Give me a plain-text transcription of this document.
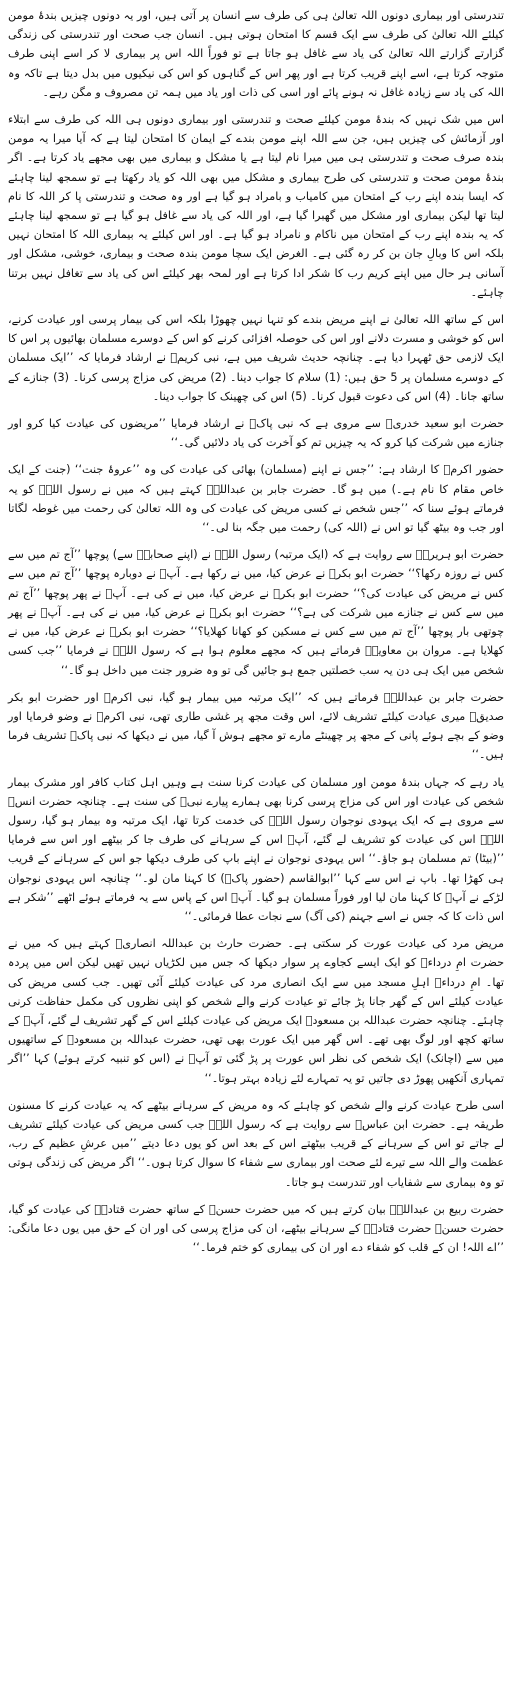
تندرستی اور بیماری دونوں اللہ تعالیٰ ہی کی طرف سے انسان پر آتی ہیں، اور یہ دونوں چیزیں بندۂ مومن کیلئے اللہ تعالیٰ کی طرف سے ایک قسم کا امتحان ہوتی ہیں۔ انسان جب صحت اور تندرستی کی زندگی گزارتے گزارتے اللہ تعالیٰ کی یاد سے غافل ہو جاتا ہے تو فوراً اللہ اس پر بیماری لا کر اسے اپنی طرف متوجہ کرتا ہے، اسے اپنے قریب کرتا ہے اور پھر اس کے گناہوں کو اس کی نیکیوں میں بدل دیتا ہے تاکہ وہ اللہ کی یاد سے زیادہ غافل نہ ہونے پائے اور اسی کی ذات اور یاد میں ہمہ تن مصروف و مگن رہے۔

اس میں شک نہیں کہ بندۂ مومن کیلئے صحت و تندرستی اور بیماری دونوں ہی اللہ کی طرف سے ابتلاء اور آزمائش کی چیزیں ہیں، جن سے اللہ اپنے مومن بندے کے ایمان کا امتحان لیتا ہے کہ آیا میرا یہ مومن بندہ صرف صحت و تندرستی ہی میں میرا نام لیتا ہے یا مشکل و بیماری میں بھی مجھے یاد کرتا ہے۔ اگر بندۂ مومن صحت و تندرستی کی طرح بیماری و مشکل میں بھی اللہ کو یاد رکھتا ہے تو سمجھ لینا چاہئے کہ ایسا بندہ اپنے رب کے امتحان میں کامیاب و بامراد ہو گیا ہے اور وہ صحت و تندرستی پا کر اللہ کا نام لیتا تھا لیکن بیماری اور مشکل میں گھبرا گیا ہے، اور اللہ کی یاد سے غافل ہو گیا ہے تو سمجھ لینا چاہئے کہ یہ بندہ اپنے رب کے امتحان میں ناکام و نامراد ہو گیا ہے۔ اور اس کیلئے یہ بیماری اللہ کا امتحان نہیں بلکہ اس کا وبالِ جان بن کر رہ گئی ہے۔ الغرض ایک سچا مومن بندہ صحت و بیماری، خوشی، مشکل اور آسانی ہر حال میں اپنے کریم رب کا شکر ادا کرتا ہے اور لمحہ بھر کیلئے اس کی یاد سے تغافل نہیں برتنا چاہئے۔

اس کے ساتھ اللہ تعالیٰ نے اپنے مریض بندے کو تنہا نہیں چھوڑا بلکہ اس کی بیمار پرسی اور عیادت کرنے، اس کو خوشی و مسرت دلانے اور اس کی حوصلہ افزائی کرنے کو اس کے دوسرے مسلمان بھائیوں پر اس کا ایک لازمی حق ٹھہرا دیا ہے۔ چنانچہ حدیث شریف میں ہے، نبی کریمؐ نے ارشاد فرمایا کہ ’’ایک مسلمان کے دوسرے مسلمان پر 5 حق ہیں: (1) سلام کا جواب دینا۔ (2) مریض کی مزاج پرسی کرنا۔ (3) جنازے کے ساتھ جانا۔ (4) اس کی دعوت قبول کرنا۔ (5) اس کی چھینک کا جواب دینا۔

حضرت ابو سعید خدریؓ سے مروی ہے کہ نبی پاکؐ نے ارشاد فرمایا ’’مریضوں کی عیادت کیا کرو اور جنازے میں شرکت کیا کرو کہ یہ چیزیں تم کو آخرت کی یاد دلائیں گی۔‘‘

حضور اکرمؐ کا ارشاد ہے: ’’جس نے اپنے (مسلمان) بھائی کی عیادت کی وہ ’’عروۂ جنت‘‘ (جنت کے ایک خاص مقام کا نام ہے۔) میں ہو گا۔ حضرت جابر بن عبداللہؓ کہتے ہیں کہ میں نے رسول اللہؐ کو یہ فرماتے ہوئے سنا کہ ’’جس شخص نے کسی مریض کی عیادت کی وہ اللہ تعالیٰ کی رحمت میں غوطہ لگاتا اور جب وہ بیٹھ گیا تو اس نے (اللہ کی) رحمت میں جگہ بنا لی۔‘‘

حضرت ابو ہریرہؓ سے روایت ہے کہ (ایک مرتبہ) رسول اللہؐ نے (اپنے صحابہؓ سے) پوچھا ’’آج تم میں سے کس نے روزہ رکھا؟‘‘ حضرت ابو بکرؓ نے عرض کیا، میں نے رکھا ہے۔ آپؐ نے دوبارہ پوچھا ’’آج تم میں سے کس نے مریض کی عیادت کی؟‘‘ حضرت ابو بکرؓ نے عرض کیا، میں نے کی ہے۔ آپؐ نے پھر پوچھا ’’آج تم میں سے کس نے جنازے میں شرکت کی ہے؟‘‘ حضرت ابو بکرؓ نے عرض کیا، میں نے کی ہے۔ آپؐ نے پھر چوتھی بار پوچھا ’’آج تم میں سے کس نے مسکین کو کھانا کھلایا؟‘‘ حضرت ابو بکرؓ نے عرض کیا، میں نے کھلایا ہے۔ مروان بن معاویہؒ فرماتے ہیں کہ مجھے معلوم ہوا ہے کہ رسول اللہؐ نے فرمایا ’’جب کسی شخص میں ایک ہی دن یہ سب خصلتیں جمع ہو جائیں گی تو وہ ضرور جنت میں داخل ہو گا۔‘‘

حضرت جابر بن عبداللہؓ فرماتے ہیں کہ ’’ایک مرتبہ میں بیمار ہو گیا، نبی اکرمؐ اور حضرت ابو بکر صدیقؓ میری عیادت کیلئے تشریف لائے، اس وقت مجھ پر غشی طاری تھی، نبی اکرمؐ نے وضو فرمایا اور وضو کے بچے ہوئے پانی کے مجھ پر چھینٹے مارے تو مجھے ہوش آ گیا، میں نے دیکھا کہ نبی پاکؐ تشریف فرما ہیں۔‘‘

یاد رہے کہ جہاں بندۂ مومن اور مسلمان کی عیادت کرنا سنت ہے وہیں اہل کتاب کافر اور مشرک بیمار شخص کی عیادت اور اس کی مزاج پرسی کرنا بھی ہمارے پیارے نبیؐ کی سنت ہے۔ چنانچہ حضرت انسؓ سے مروی ہے کہ ایک یہودی نوجوان رسول اللہؐ کی خدمت کرتا تھا، ایک مرتبہ وہ بیمار ہو گیا، رسول اللہؐ اس کی عیادت کو تشریف لے گئے، آپؐ اس کے سرہانے کی طرف جا کر بیٹھے اور اس سے فرمایا ’’(بیٹا) تم مسلمان ہو جاؤ۔‘‘ اس یہودی نوجوان نے اپنے باپ کی طرف دیکھا جو اس کے سرہانے کے قریب ہی کھڑا تھا۔ باپ نے اس سے کہا ’’ابوالقاسم (حضور پاکؐ) کا کہنا مان لو۔‘‘ چنانچہ اس یہودی نوجوان لڑکے نے آپؐ کا کہنا مان لیا اور فوراً مسلمان ہو گیا۔ آپؐ اس کے پاس سے یہ فرماتے ہوئے اٹھے ’’شکر ہے اس ذات کا کہ جس نے اسے جہنم (کی آگ) سے نجات عطا فرمائی۔‘‘

مریض مرد کی عیادت عورت کر سکتی ہے۔ حضرت حارث بن عبداللہ انصاریؓ کہتے ہیں کہ میں نے حضرت امِ درداءؓ کو ایک ایسے کجاوے پر سوار دیکھا کہ جس میں لکڑیاں نہیں تھیں لیکن اس میں پردہ تھا۔ امِ درداءؓ اہلِ مسجد میں سے ایک انصاری مرد کی عیادت کیلئے آئی تھیں۔ جب کسی مریض کی عیادت کیلئے اس کے گھر جانا پڑ جائے تو عیادت کرنے والے شخص کو اپنی نظروں کی مکمل حفاظت کرنی چاہئے۔ چنانچہ حضرت عبداللہ بن مسعودؓ ایک مریض کی عیادت کیلئے اس کے گھر تشریف لے گئے، آپؐ کے ساتھ کچھ اور لوگ بھی تھے۔ اس گھر میں ایک عورت بھی تھی، حضرت عبداللہ بن مسعودؓ کے ساتھیوں میں سے (اچانک) ایک شخص کی نظر اس عورت پر پڑ گئی تو آپؓ نے (اس کو تنبیہ کرتے ہوئے) کہا ’’اگر تمہاری آنکھیں پھوڑ دی جاتیں تو یہ تمہارے لئے زیادہ بہتر ہوتا۔‘‘

اسی طرح عیادت کرنے والے شخص کو چاہئے کہ وہ مریض کے سرہانے بیٹھے کہ یہ عیادت کرنے کا مسنون طریقہ ہے۔ حضرت ابن عباسؓ سے روایت ہے کہ رسول اللہؐ جب کسی مریض کی عیادت کیلئے تشریف لے جاتے تو اس کے سرہانے کے قریب بیٹھتے اس کے بعد اس کو یوں دعا دیتے ’’میں عرشِ عظیم کے رب، عظمت والے اللہ سے تیرے لئے صحت اور بیماری سے شفاء کا سوال کرتا ہوں۔‘‘ اگر مریض کی زندگی ہوتی تو وہ بیماری سے شفایاب اور تندرست ہو جاتا۔

حضرت ربیع بن عبداللہؒ بیان کرتے ہیں کہ میں حضرت حسنؓ کے ساتھ حضرت قتادہؓ کی عیادت کو گیا، حضرت حسنؓ حضرت قتادہؓ کے سرہانے بیٹھے، ان کی مزاج پرسی کی اور ان کے حق میں یوں دعا مانگی: ’’اے اللہ! ان کے قلب کو شفاء دے اور ان کی بیماری کو ختم فرما۔‘‘
